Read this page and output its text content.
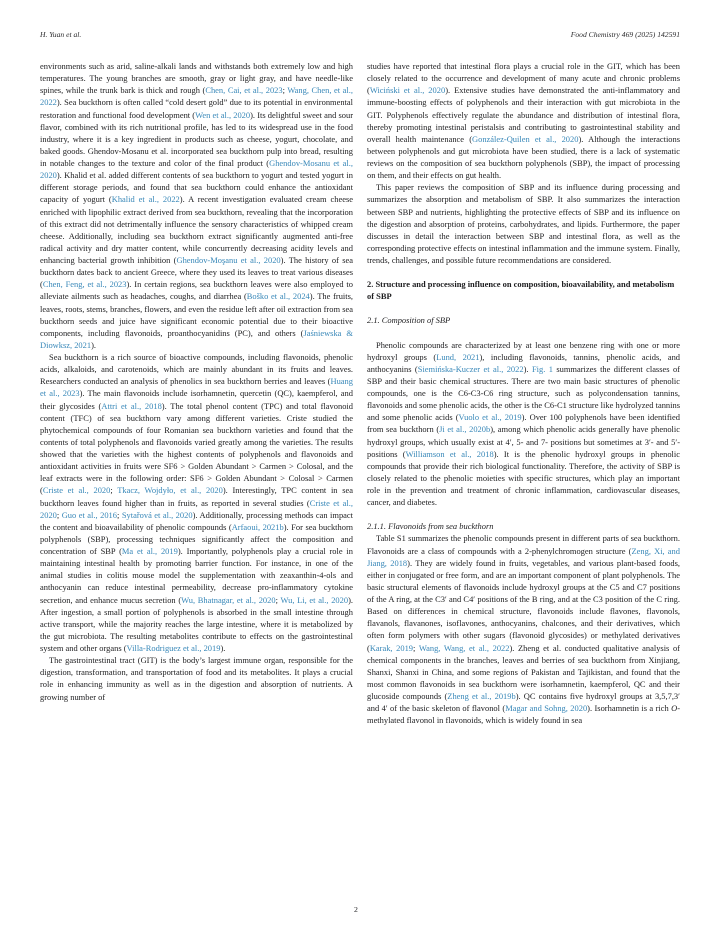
H. Yuan et al.	Food Chemistry 469 (2025) 142591

environments such as arid, saline-alkali lands and withstands both extremely low and high temperatures. The young branches are smooth, gray or light gray, and have needle-like spines, while the trunk bark is thick and rough (Chen, Cai, et al., 2023; Wang, Chen, et al., 2022). Sea buckthorn is often called “cold desert gold” due to its potential in environmental restoration and functional food development (Wen et al., 2020). Its delightful sweet and sour flavor, combined with its rich nutritional profile, has led to its widespread use in the food industry, where it is a key ingredient in products such as cheese, yogurt, chocolate, and baked goods. Ghendov-Mosanu et al. incorporated sea buckthorn pulp into bread, resulting in notable changes to the texture and color of the final product (Ghendov-Mosanu et al., 2020). Khalid et al. added different contents of sea buckthorn to yogurt and tested yogurt in different storage periods, and found that sea buckthorn could enhance the antioxidant capacity of yogurt (Khalid et al., 2022). A recent investigation evaluated cream cheese enriched with lipophilic extract derived from sea buckthorn, revealing that the incorporation of this extract did not detrimentally influence the sensory characteristics of whipped cream cheese. Additionally, including sea buckthorn extract significantly augmented anti-free radical activity and dry matter content, while concurrently decreasing acidity levels and enhancing bacterial growth inhibition (Ghendov-Moşanu et al., 2020). The history of sea buckthorn dates back to ancient Greece, where they used its leaves to treat various diseases (Chen, Feng, et al., 2023). In certain regions, sea buckthorn leaves were also employed to alleviate ailments such as headaches, coughs, and diarrhea (Boško et al., 2024). The fruits, leaves, roots, stems, branches, flowers, and even the residue left after oil extraction from sea buckthorn seeds and juice have significant economic potential due to their bioactive components, including flavonoids, proanthocyanidins (PC), and others (Jaśniewska & Diowksz, 2021).

Sea buckthorn is a rich source of bioactive compounds, including flavonoids, phenolic acids, alkaloids, and carotenoids, which are mainly abundant in its fruits and leaves. Researchers conducted an analysis of phenolics in sea buckthorn berries and leaves (Huang et al., 2023). The main flavonoids include isorhamnetin, quercetin (QC), kaempferol, and their glycosides (Attri et al., 2018). The total phenol content (TPC) and total flavonoid content (TFC) of sea buckthorn vary among different varieties. Criste studied the phytochemical compounds of four Romanian sea buckthorn varieties and found that the contents of total polyphenols and flavonoids varied greatly among the varieties. The results showed that the varieties with the highest contents of polyphenols and flavonoids and antioxidant activities in fruits were SF6 > Golden Abundant > Carmen > Colosal, and the leaf extracts were in the following order: SF6 > Golden Abundant > Colosal > Carmen (Criste et al., 2020; Tkacz, Wojdyło, et al., 2020). Interestingly, TPC content in sea buckthorn leaves found higher than in fruits, as reported in several studies (Criste et al., 2020; Guo et al., 2016; Sytařová et al., 2020). Additionally, processing methods can impact the content and bioavailability of phenolic compounds (Arfaoui, 2021b). For sea buckthorn polyphenols (SBP), processing techniques significantly affect the composition and concentration of SBP (Ma et al., 2019). Importantly, polyphenols play a crucial role in maintaining intestinal health by promoting barrier function. For instance, in one of the animal studies in colitis mouse model the supplementation with zeaxanthin-4-ols and anthocyanin can reduce intestinal permeability, decrease pro-inflammatory cytokine secretion, and enhance mucus secretion (Wu, Bhatnagar, et al., 2020; Wu, Li, et al., 2020). After ingestion, a small portion of polyphenols is absorbed in the small intestine through active transport, while the majority reaches the large intestine, where it is metabolized by the gut microbiota. The resulting metabolites contribute to effects on the gastrointestinal system and other organs (Villa-Rodriguez et al., 2019).

The gastrointestinal tract (GIT) is the body’s largest immune organ, responsible for the digestion, transformation, and transportation of food and its metabolites. It plays a crucial role in enhancing immunity as well as in the digestion and absorption of nutrients. A growing number of

studies have reported that intestinal flora plays a crucial role in the GIT, which has been closely related to the occurrence and development of many acute and chronic problems (Wiciński et al., 2020). Extensive studies have demonstrated the anti-inflammatory and immune-boosting effects of polyphenols and their interaction with gut microbiota in the GIT. Polyphenols effectively regulate the abundance and distribution of intestinal flora, thereby promoting intestinal peristalsis and contributing to gastrointestinal stability and overall health maintenance (González-Quilen et al., 2020). Although the interactions between polyphenols and gut microbiota have been studied, there is a lack of systematic reviews on the composition of sea buckthorn polyphenols (SBP), the impact of processing on them, and their effects on gut health.

This paper reviews the composition of SBP and its influence during processing and summarizes the absorption and metabolism of SBP. It also summarizes the interaction between SBP and nutrients, highlighting the protective effects of SBP and its influence on the digestion and absorption of proteins, carbohydrates, and lipids. Furthermore, the paper discusses in detail the interaction between SBP and intestinal flora, as well as the corresponding protective effects on intestinal inflammation and the immune system. Finally, trends, challenges, and possible future recommendations are considered.

2. Structure and processing influence on composition, bioavailability, and metabolism of SBP
2.1. Composition of SBP

Phenolic compounds are characterized by at least one benzene ring with one or more hydroxyl groups (Lund, 2021), including flavonoids, tannins, phenolic acids, and anthocyanins (Siemińska-Kuczer et al., 2022). Fig. 1 summarizes the different classes of SBP and their basic chemical structures. There are two main basic structures of phenolic compounds, one is the C6-C3-C6 ring structure, such as polycondensation tannins, flavonoids and some phenolic acids, the other is the C6-C1 structure like hydrolyzed tannins and some phenolic acids (Vuolo et al., 2019). Over 100 polyphenols have been identified from sea buckthorn (Ji et al., 2020b), among which phenolic acids generally have phenolic hydroxyl groups, which usually exist at 4′, 5- and 7- positions but sometimes at 3′- and 5′- positions (Williamson et al., 2018). It is the phenolic hydroxyl groups in phenolic compounds that provide their rich biological functionality. Therefore, the activity of SBP is closely related to the phenolic moieties with specific structures, which play an important role in the prevention and treatment of chronic inflammation, cardiovascular diseases, cancer, and diabetes.

2.1.1. Flavonoids from sea buckthorn

Table S1 summarizes the phenolic compounds present in different parts of sea buckthorn. Flavonoids are a class of compounds with a 2-phenylchromogen structure (Zeng, Xi, and Jiang, 2018). They are widely found in fruits, vegetables, and various plant-based foods, either in conjugated or free form, and are an important component of plant polyphenols. The basic structural elements of flavonoids include hydroxyl groups at the C5 and C7 positions of the A ring, at the C3′ and C4′ positions of the B ring, and at the C3 position of the C ring. Based on differences in chemical structure, flavonoids include flavones, flavonols, flavanols, flavanones, isoflavones, anthocyanins, chalcones, and their derivatives, which often form polymers with other sugars (flavonoid glycosides) or methylated derivatives (Karak, 2019; Wang, Wang, et al., 2022). Zheng et al. conducted qualitative analysis of chemical components in the branches, leaves and berries of sea buckthorn from Xinjiang, Shanxi, Shanxi in China, and some regions of Pakistan and Tajikistan, and found that the most common flavonoids in sea buckthorn were isorhamnetin, kaempferol, QC and their glucoside compounds (Zheng et al., 2019b). QC contains five hydroxyl groups at 3,5,7,3′ and 4′ of the basic skeleton of flavonol (Magar and Sohng, 2020). Isorhamnetin is a rich O-methylated flavonol in flavonoids, which is widely found in sea

2
